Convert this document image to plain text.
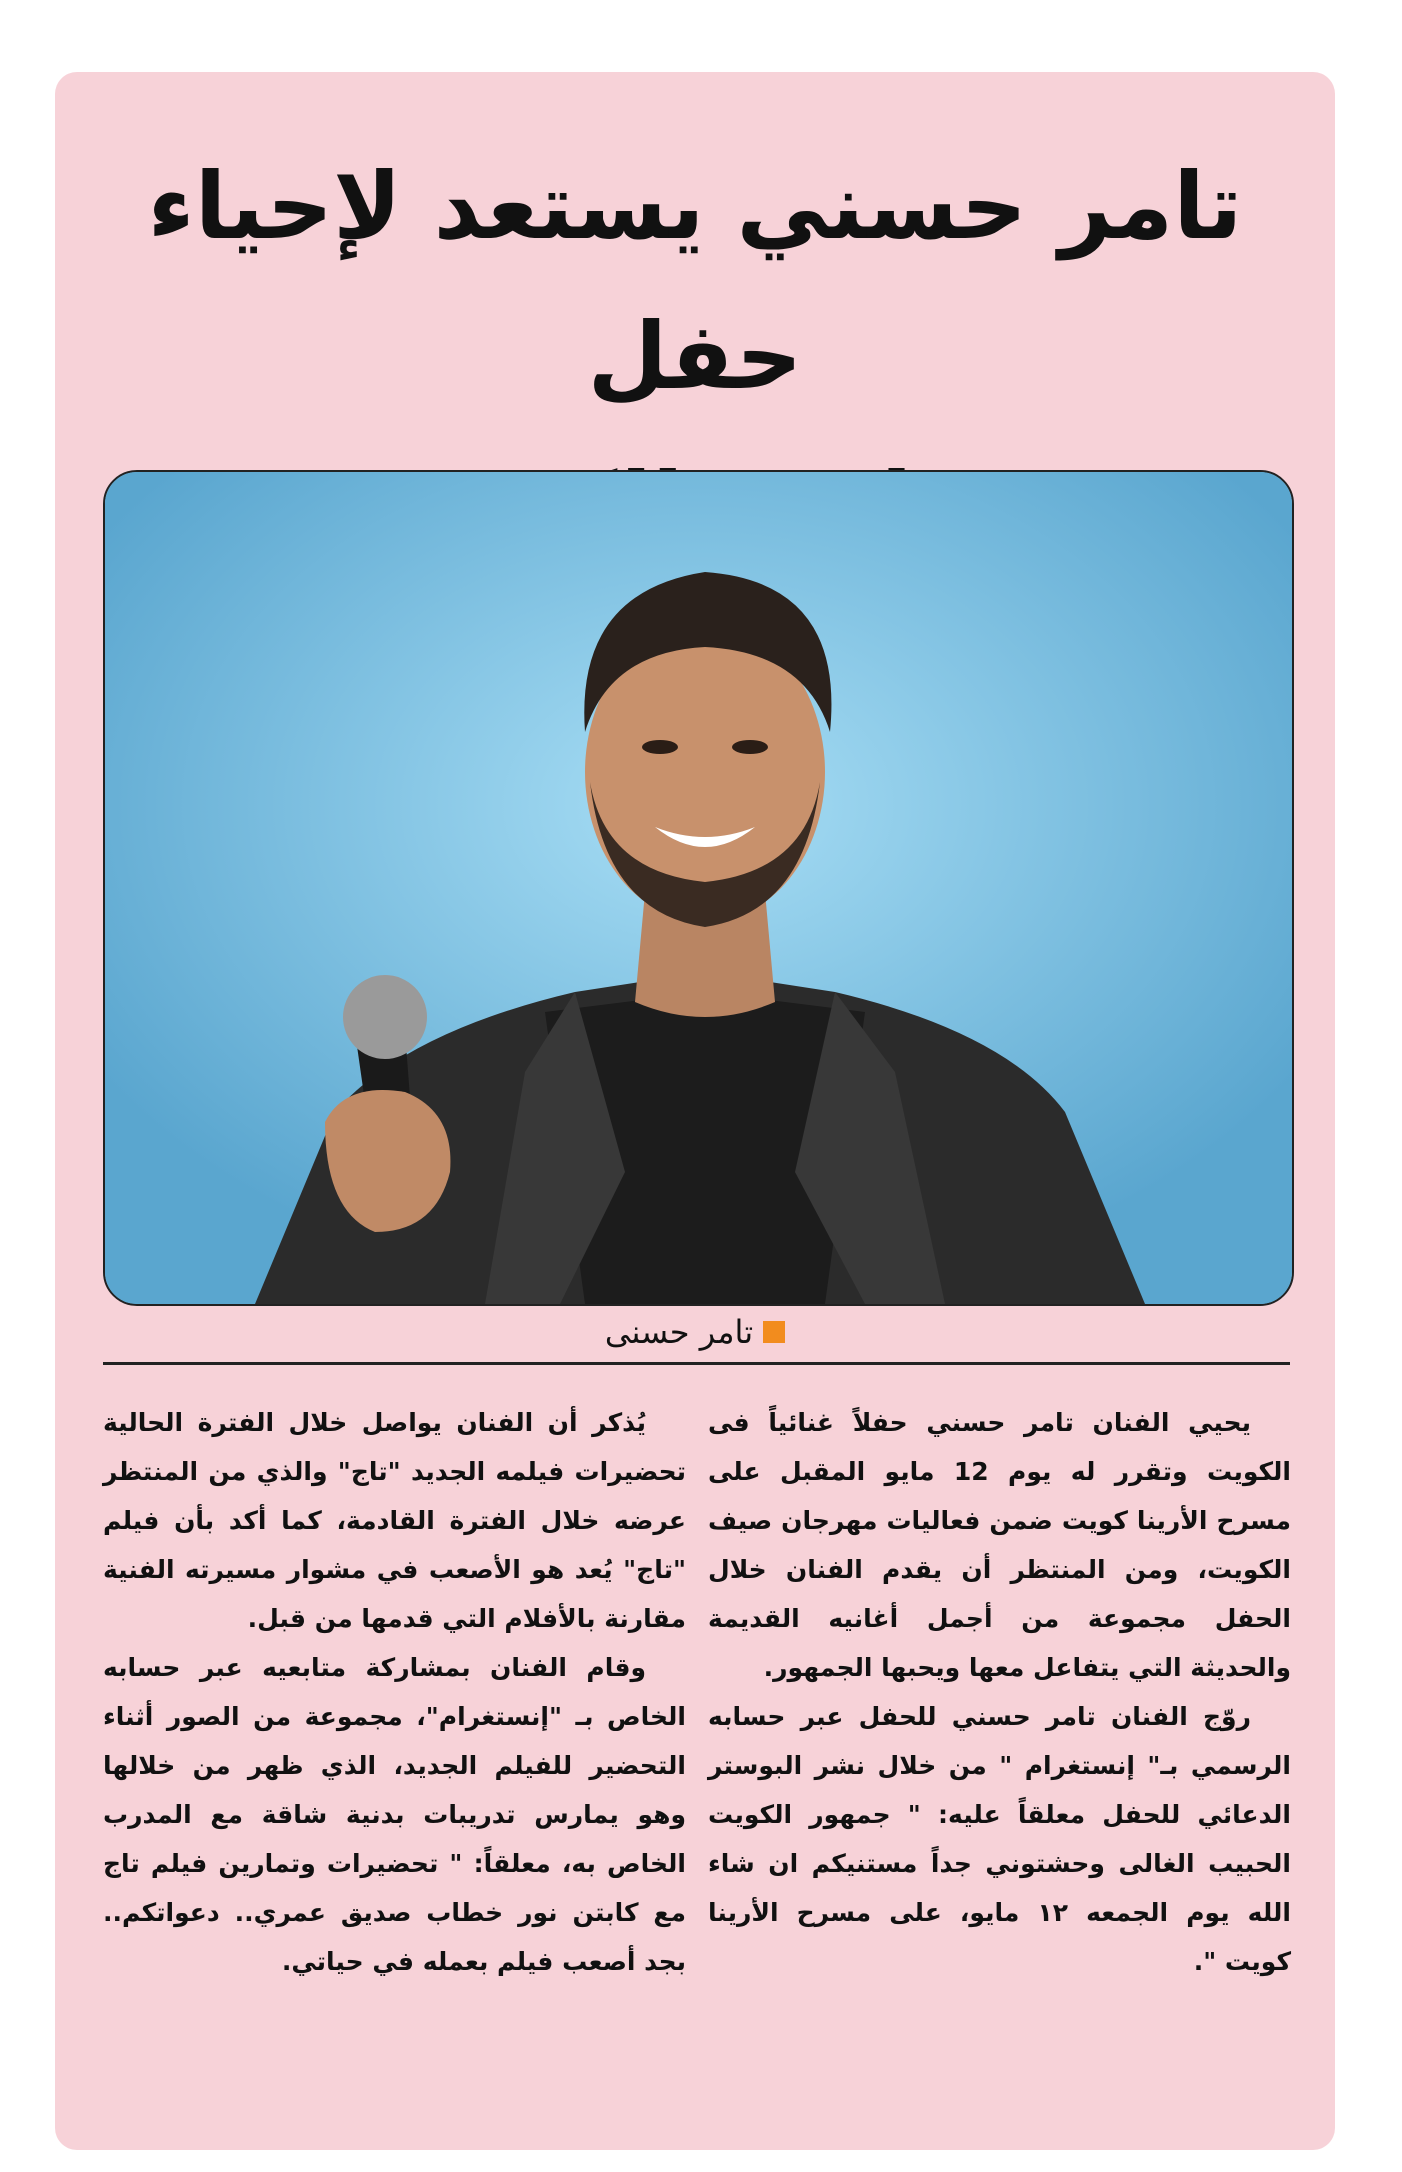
تامر حسني يستعد لإحياء حفل
تامر حسنى

يحيي الفنان تامر حسني حفلاً غنائياً فى الكويت وتقرر له يوم 12 مايو المقبل على مسرح الأرينا كويت ضمن فعاليات مهرجان صيف الكويت، ومن المنتظر أن يقدم الفنان خلال الحفل مجموعة من أجمل أغانيه القديمة والحديثة التي يتفاعل معها ويحبها الجمهور.

روّج الفنان تامر حسني للحفل عبر حسابه الرسمي بـ" إنستغرام " من خلال نشر البوستر الدعائي للحفل معلقاً عليه: " جمهور الكويت الحبيب الغالى وحشتوني جداً مستنيكم ان شاء الله يوم الجمعه ١٢ مايو، على مسرح الأرينا كويت ".

يُذكر أن الفنان يواصل خلال الفترة الحالية تحضيرات فيلمه الجديد "تاج" والذي من المنتظر عرضه خلال الفترة القادمة، كما أكد بأن فيلم "تاج" يُعد هو الأصعب في مشوار مسيرته الفنية مقارنة بالأفلام التي قدمها من قبل.

وقام الفنان بمشاركة متابعيه عبر حسابه الخاص بـ "إنستغرام"، مجموعة من الصور أثناء التحضير للفيلم الجديد، الذي ظهر من خلالها وهو يمارس تدريبات بدنية شاقة مع المدرب الخاص به، معلقاً: " تحضيرات وتمارين فيلم تاج مع كابتن نور خطاب صديق عمري.. دعواتكم.. بجد أصعب فيلم بعمله في حياتي.
